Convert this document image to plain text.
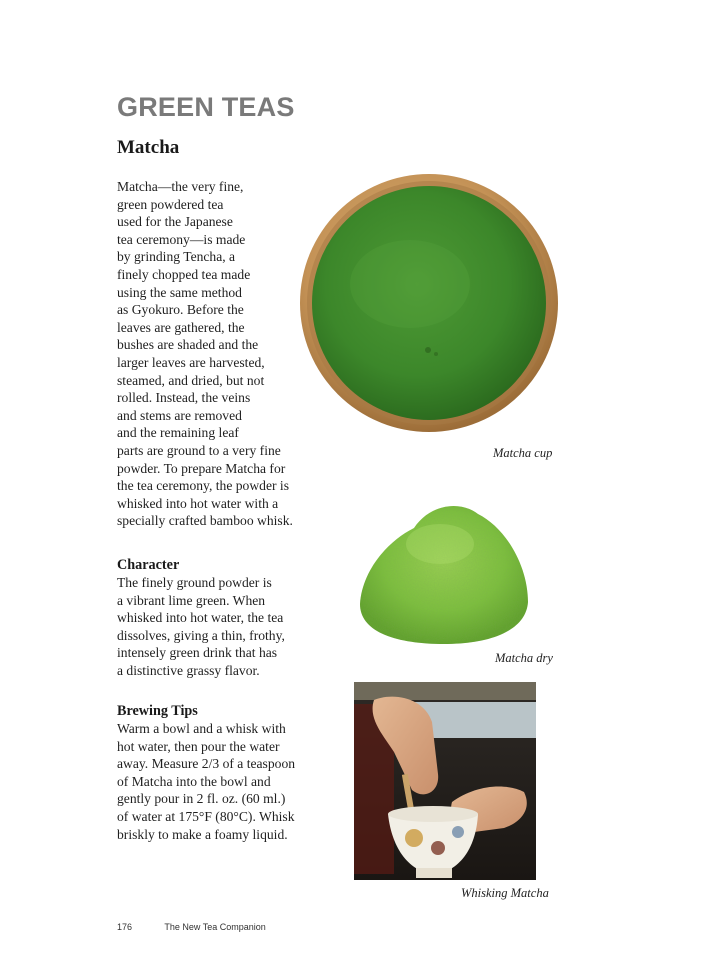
GREEN TEAS
Matcha

Matcha—the very fine,
green powdered tea
used for the Japanese
tea ceremony—is made
by grinding Tencha, a
finely chopped tea made
using the same method
as Gyokuro. Before the
leaves are gathered, the
bushes are shaded and the
larger leaves are harvested,
steamed, and dried, but not
rolled. Instead, the veins
and stems are removed
and the remaining leaf
parts are ground to a very fine
powder. To prepare Matcha for
the tea ceremony, the powder is
whisked into hot water with a
specially crafted bamboo whisk.

Character

The finely ground powder is
a vibrant lime green. When
whisked into hot water, the tea
dissolves, giving a thin, frothy,
intensely green drink that has
a distinctive grassy flavor.

Brewing Tips

Warm a bowl and a whisk with
hot water, then pour the water
away. Measure 2/3 of a teaspoon
of Matcha into the bowl and
gently pour in 2 fl. oz. (60 ml.)
of water at 175°F (80°C). Whisk
briskly to make a foamy liquid.

Matcha cup

Matcha dry

Whisking Matcha

176	The New Tea Companion
